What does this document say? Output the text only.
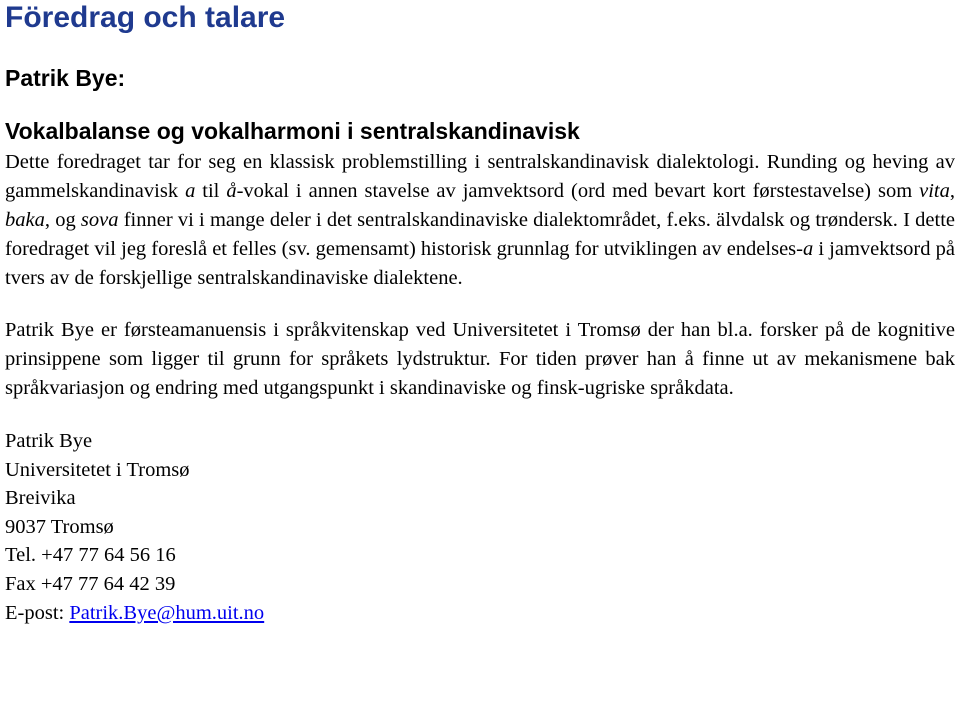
Föredrag och talare
Patrik Bye:
Vokalbalanse og vokalharmoni i sentralskandinavisk

Dette foredraget tar for seg en klassisk problemstilling i sentralskandinavisk dialektologi. Runding og heving av gammelskandinavisk a til å-vokal i annen stavelse av jamvektsord (ord med bevart kort førstestavelse) som vita, baka, og sova finner vi i mange deler i det sentralskandinaviske dialektområdet, f.eks. älvdalsk og trøndersk. I dette foredraget vil jeg foreslå et felles (sv. gemensamt) historisk grunnlag for utviklingen av endelses-a i jamvektsord på tvers av de forskjellige sentralskandinaviske dialektene.

Patrik Bye er førsteamanuensis i språkvitenskap ved Universitetet i Tromsø der han bl.a. forsker på de kognitive prinsippene som ligger til grunn for språkets lydstruktur. For tiden prøver han å finne ut av mekanismene bak språkvariasjon og endring med utgangspunkt i skandinaviske og finsk-ugriske språkdata.

Patrik Bye
Universitetet i Tromsø
Breivika
9037 Tromsø
Tel. +47 77 64 56 16
Fax +47 77 64 42 39
E-post: Patrik.Bye@hum.uit.no
